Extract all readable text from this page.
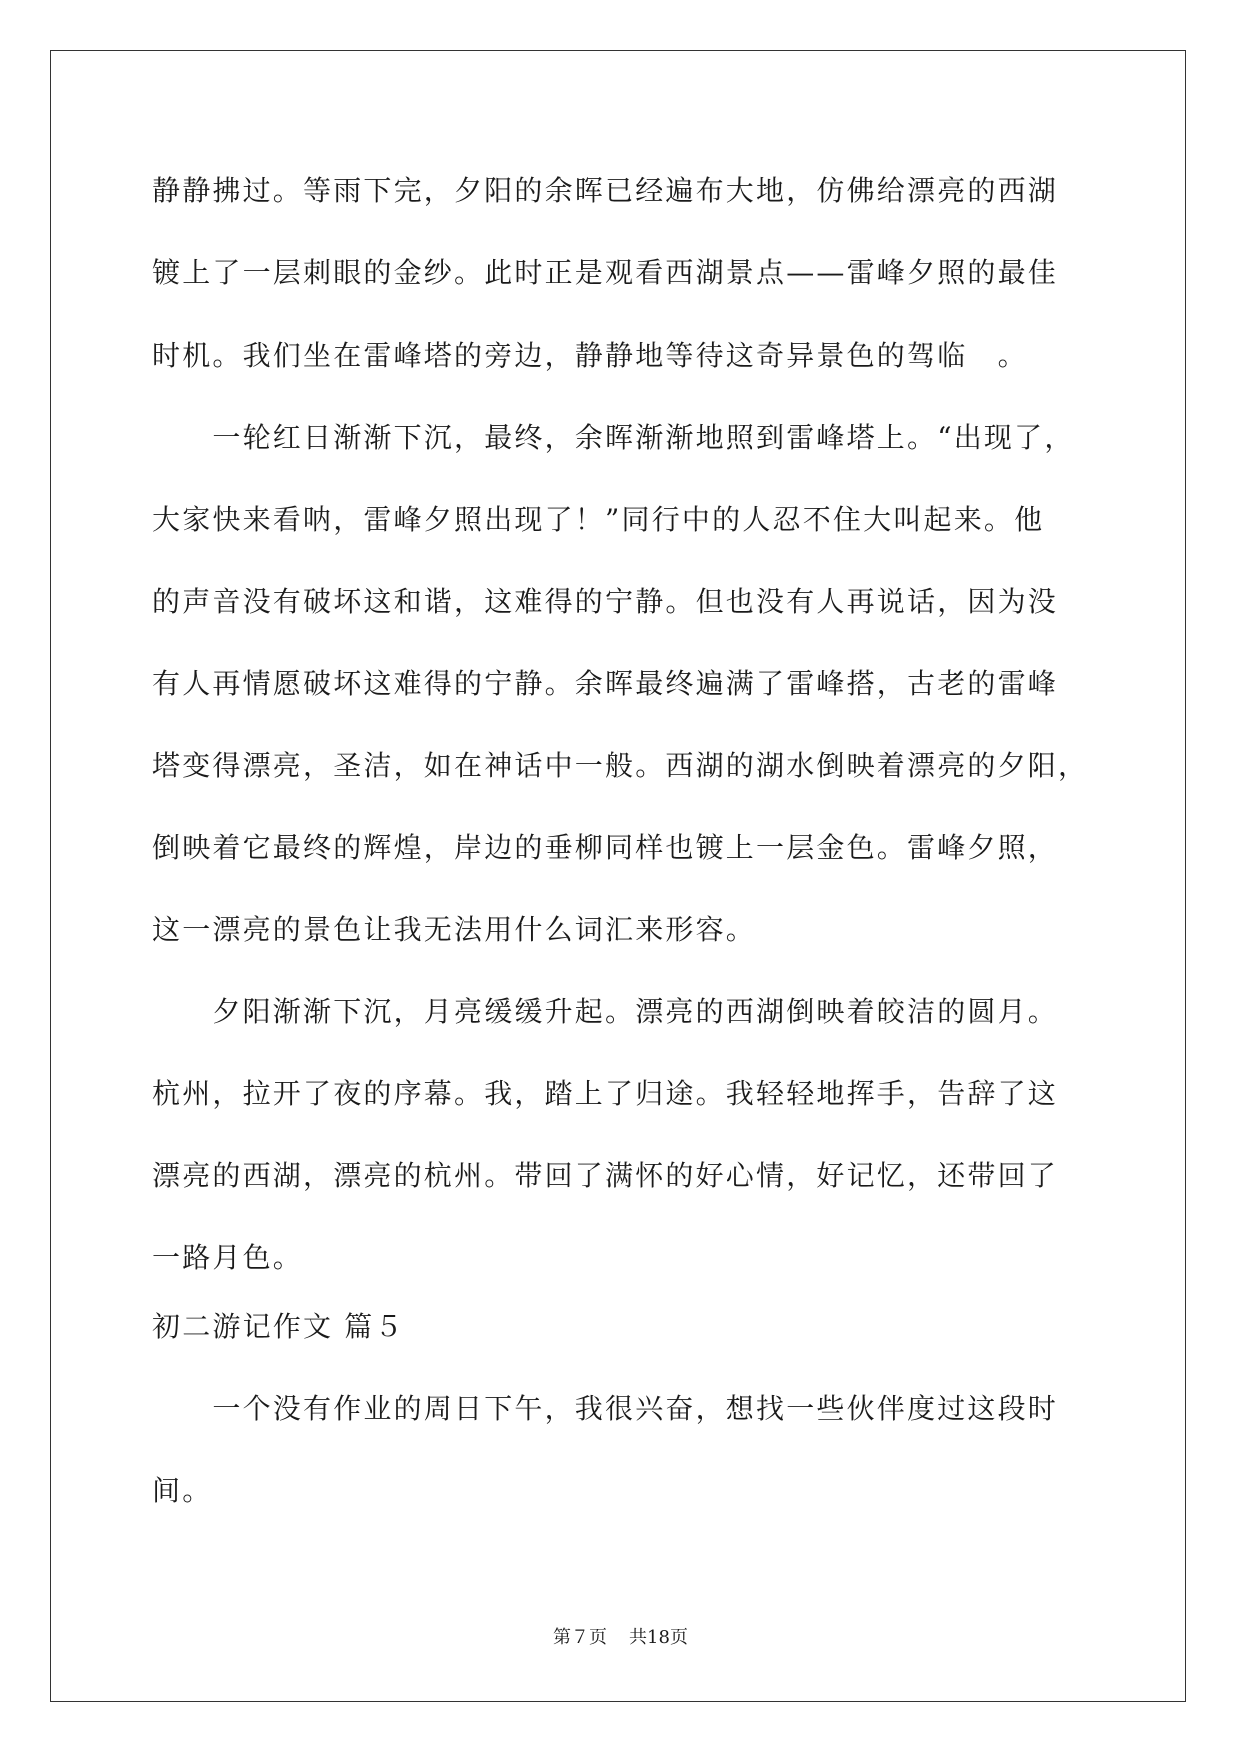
静静拂过。等雨下完，夕阳的余晖已经遍布大地，仿佛给漂亮的西湖
镀上了一层刺眼的金纱。此时正是观看西湖景点——雷峰夕照的最佳
时机。我们坐在雷峰塔的旁边，静静地等待这奇异景色的驾临　。
　　一轮红日渐渐下沉，最终，余晖渐渐地照到雷峰塔上。“出现了，
大家快来看呐，雷峰夕照出现了！”同行中的人忍不住大叫起来。他
的声音没有破坏这和谐，这难得的宁静。但也没有人再说话，因为没
有人再情愿破坏这难得的宁静。余晖最终遍满了雷峰搭，古老的雷峰
塔变得漂亮，圣洁，如在神话中一般。西湖的湖水倒映着漂亮的夕阳，
倒映着它最终的辉煌，岸边的垂柳同样也镀上一层金色。雷峰夕照，
这一漂亮的景色让我无法用什么词汇来形容。
　　夕阳渐渐下沉，月亮缓缓升起。漂亮的西湖倒映着皎洁的圆月。
杭州，拉开了夜的序幕。我，踏上了归途。我轻轻地挥手，告辞了这
漂亮的西湖，漂亮的杭州。带回了满怀的好心情，好记忆，还带回了
一路月色。
初二游记作文 篇５
　　一个没有作业的周日下午，我很兴奋，想找一些伙伴度过这段时
间。
第７页 共18页
